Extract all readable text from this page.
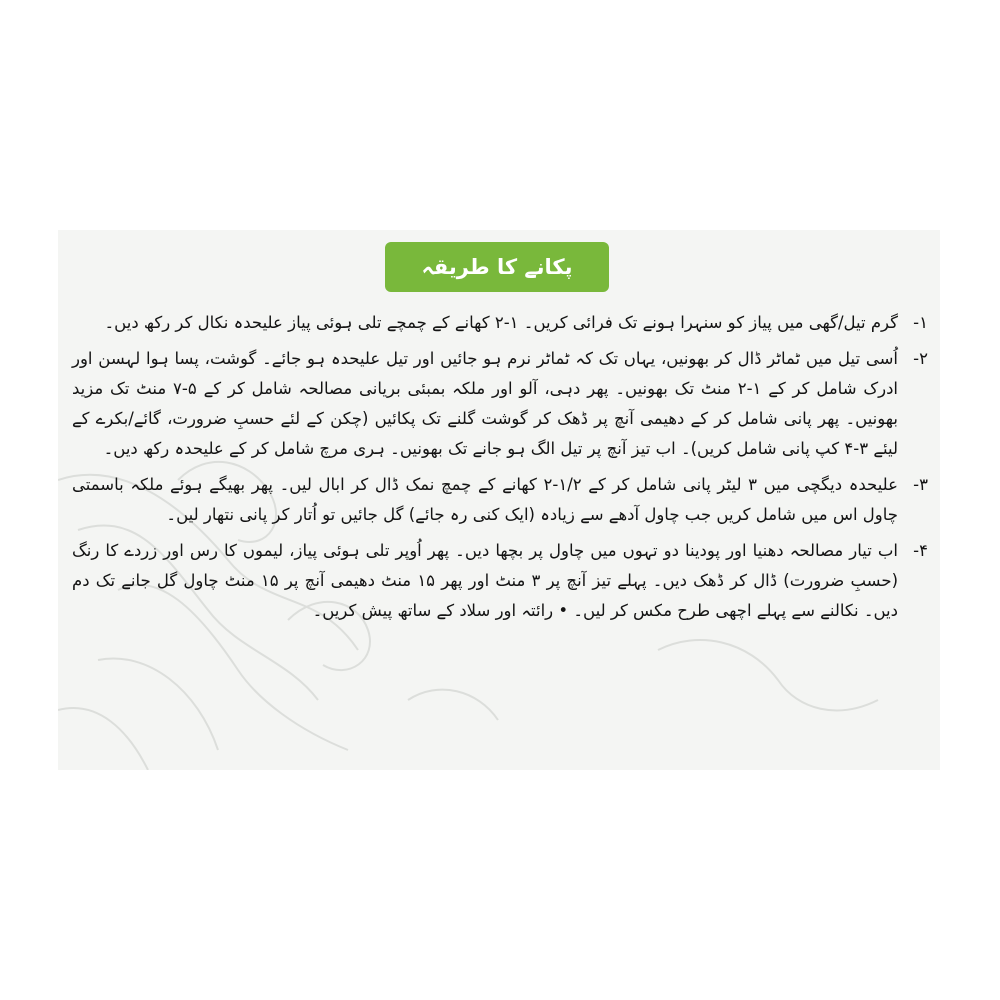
پکانے کا طریقہ
۱-
گرم تیل/گھی میں پیاز کو سنہرا ہونے تک فرائی کریں۔ ۱-۲ کھانے کے چمچے تلی ہوئی پیاز علیحدہ نکال کر رکھ دیں۔
۲-
اُسی تیل میں ٹماٹر ڈال کر بھونیں، یہاں تک کہ ٹماٹر نرم ہو جائیں اور تیل علیحدہ ہو جائے۔ گوشت، پسا ہوا لہسن اور ادرک شامل کر کے ۱-۲ منٹ تک بھونیں۔ پھر دہی، آلو اور ملکہ بمبئی بریانی مصالحہ شامل کر کے ۵-۷ منٹ تک مزید بھونیں۔ پھر پانی شامل کر کے دھیمی آنچ پر ڈھک کر گوشت گلنے تک پکائیں (چکن کے لئے حسبِ ضرورت، گائے/بکرے کے لیئے ۳-۴ کپ پانی شامل کریں)۔ اب تیز آنچ پر تیل الگ ہو جانے تک بھونیں۔ ہری مرچ شامل کر کے علیحدہ رکھ دیں۔
۳-
علیحدہ دیگچی میں ۳ لیٹر پانی شامل کر کے ۱/۲-۲ کھانے کے چمچ نمک ڈال کر ابال لیں۔ پھر بھیگے ہوئے ملکہ باسمتی چاول اس میں شامل کریں جب چاول آدھے سے زیادہ (ایک کنی رہ جائے) گل جائیں تو اُتار کر پانی نتھار لیں۔
۴-
اب تیار مصالحہ دھنیا اور پودینا دو تہوں میں چاول پر بچھا دیں۔ پھر اُوپر تلی ہوئی پیاز، لیموں کا رس اور زردے کا رنگ (حسبِ ضرورت) ڈال کر ڈھک دیں۔ پہلے تیز آنچ پر ۳ منٹ اور پھر ۱۵ منٹ دھیمی آنچ پر ۱۵ منٹ چاول گل جانے تک دم دیں۔ نکالنے سے پہلے اچھی طرح مکس کر لیں۔ • رائتہ اور سلاد کے ساتھ پیش کریں۔
